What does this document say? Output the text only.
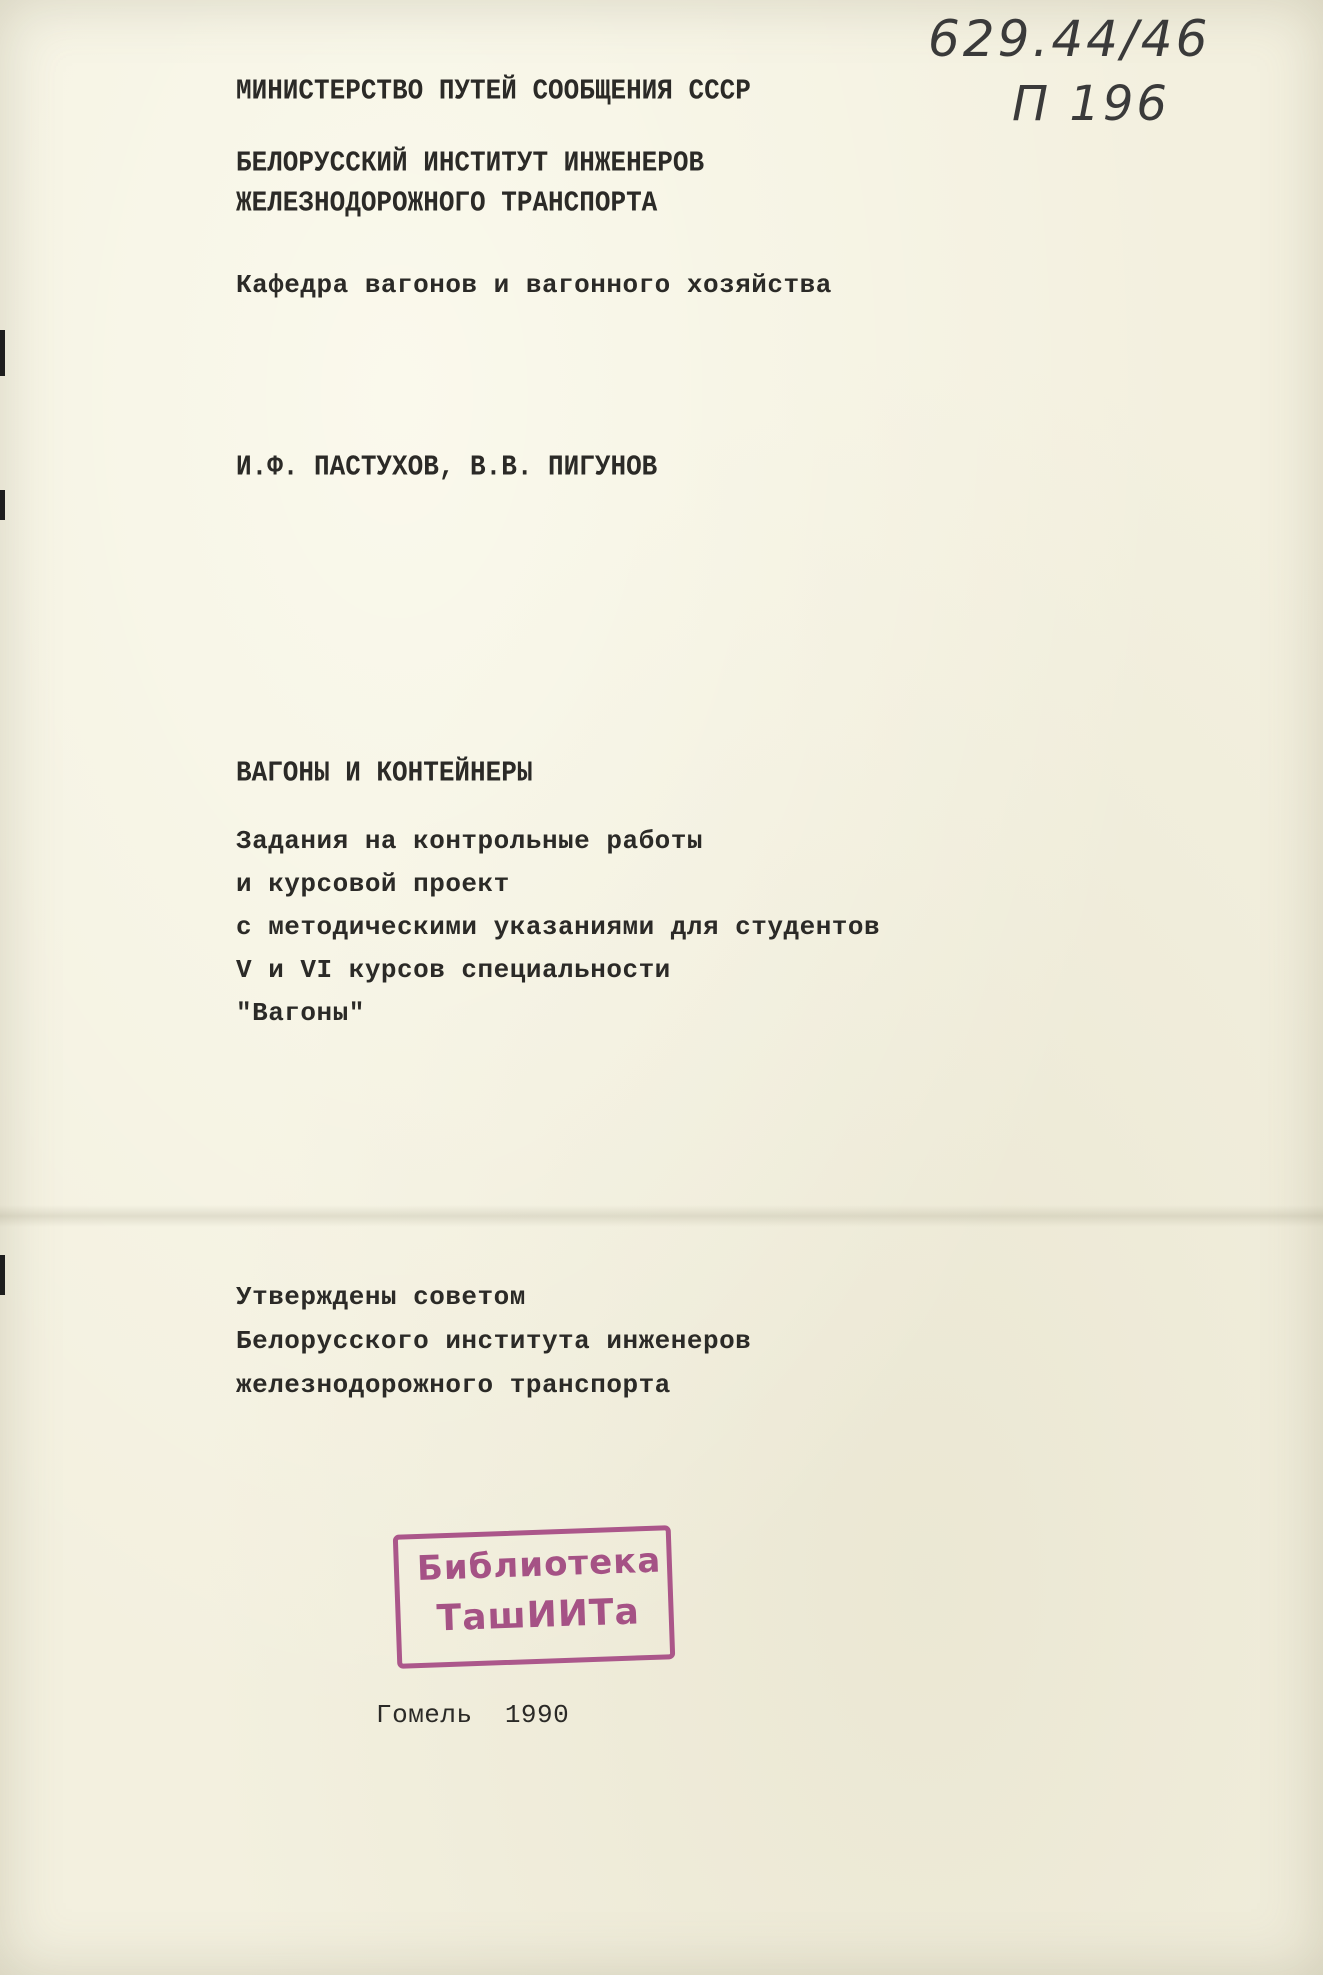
629.44/46

П 196

МИНИСТЕРСТВО ПУТЕЙ СООБЩЕНИЯ СССР

БЕЛОРУССКИЙ ИНСТИТУТ ИНЖЕНЕРОВ

ЖЕЛЕЗНОДОРОЖНОГО ТРАНСПОРТА

Кафедра вагонов и вагонного хозяйства

И.Ф. ПАСТУХОВ, В.В. ПИГУНОВ

ВАГОНЫ И КОНТЕЙНЕРЫ

Задания на контрольные работы

и курсовой проект

с методическими указаниями для студентов

V и VI курсов специальности

"Вагоны"

Утверждены советом

Белорусского института инженеров

железнодорожного транспорта

Библиотека
ТашИИТа

Гомель  1990
